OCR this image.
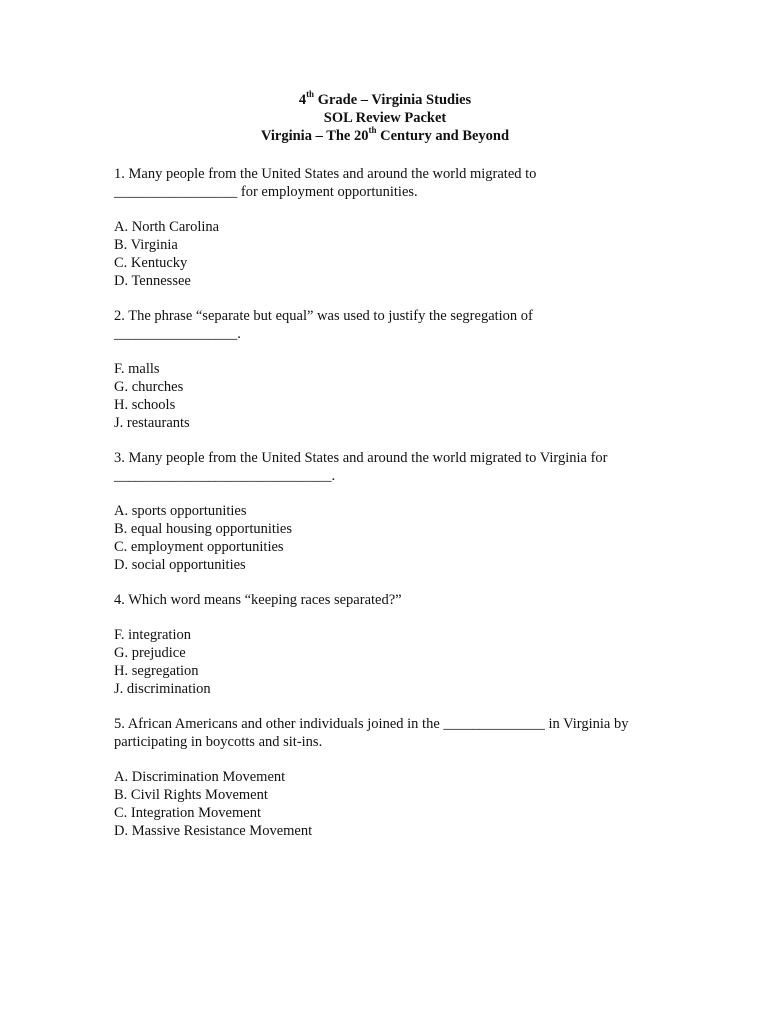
4th Grade – Virginia Studies
SOL Review Packet
Virginia – The 20th Century and Beyond

1. Many people from the United States and around the world migrated to

_________________ for employment opportunities.

A. North Carolina
B. Virginia
C. Kentucky
D. Tennessee

2. The phrase “separate but equal” was used to justify the segregation of

_________________.

F. malls
G. churches
H. schools
J. restaurants

3. Many people from the United States and around the world migrated to Virginia for

______________________________.

A. sports opportunities
B. equal housing opportunities
C. employment opportunities
D. social opportunities

4. Which word means “keeping races separated?”

F. integration
G. prejudice
H. segregation
J. discrimination

5. African Americans and other individuals joined in the ______________ in Virginia by

participating in boycotts and sit-ins.

A. Discrimination Movement
B. Civil Rights Movement
C. Integration Movement
D. Massive Resistance Movement
